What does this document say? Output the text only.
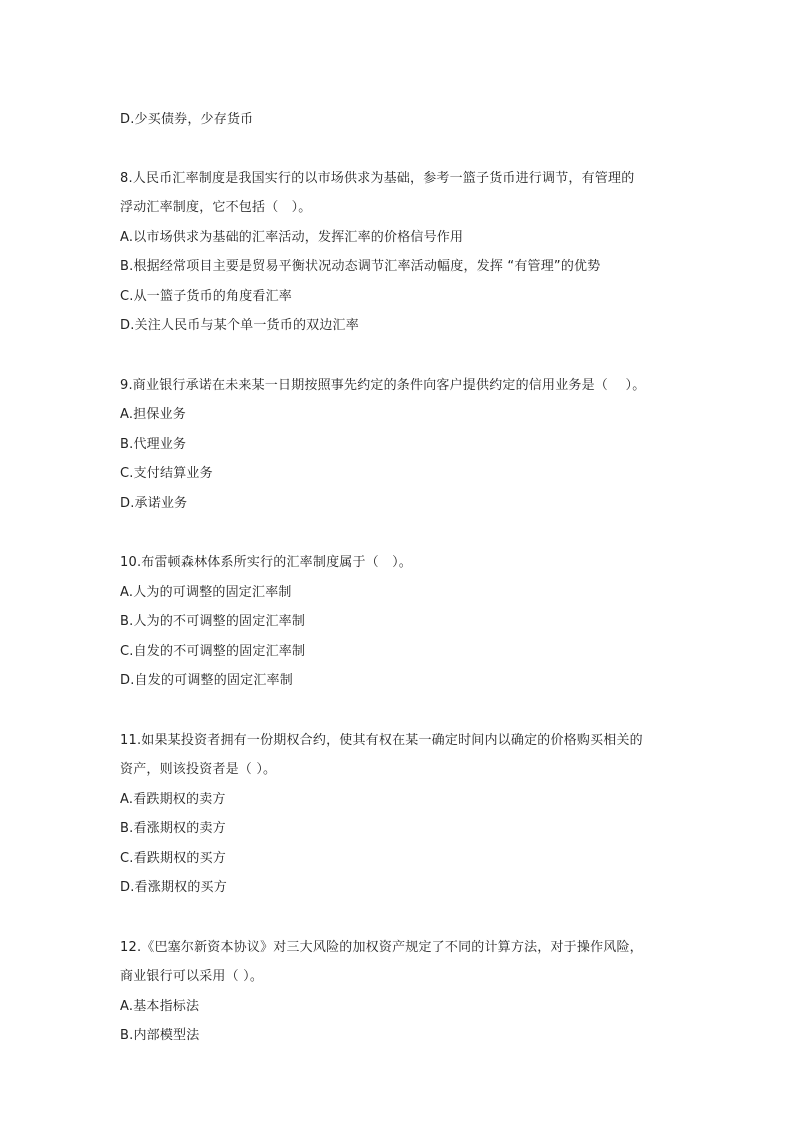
D.少买债券，少存货币
8.人民币汇率制度是我国实行的以市场供求为基础，参考一篮子货币进行调节，有管理的
浮动汇率制度，它不包括（　）。
A.以市场供求为基础的汇率活动，发挥汇率的价格信号作用
B.根据经常项目主要是贸易平衡状况动态调节汇率活动幅度，发挥 “有管理”的优势
C.从一篮子货币的角度看汇率
D.关注人民币与某个单一货币的双边汇率
9.商业银行承诺在未来某一日期按照事先约定的条件向客户提供约定的信用业务是（　 ）。
A.担保业务
B.代理业务
C.支付结算业务
D.承诺业务
10.布雷顿森林体系所实行的汇率制度属于（　）。
A.人为的可调整的固定汇率制
B.人为的不可调整的固定汇率制
C.自发的不可调整的固定汇率制
D.自发的可调整的固定汇率制
11.如果某投资者拥有一份期权合约，使其有权在某一确定时间内以确定的价格购买相关的
资产，则该投资者是（ ）。
A.看跌期权的卖方
B.看涨期权的卖方
C.看跌期权的买方
D.看涨期权的买方
12.《巴塞尔新资本协议》对三大风险的加权资产规定了不同的计算方法，对于操作风险，
商业银行可以采用（ ）。
A.基本指标法
B.内部模型法
